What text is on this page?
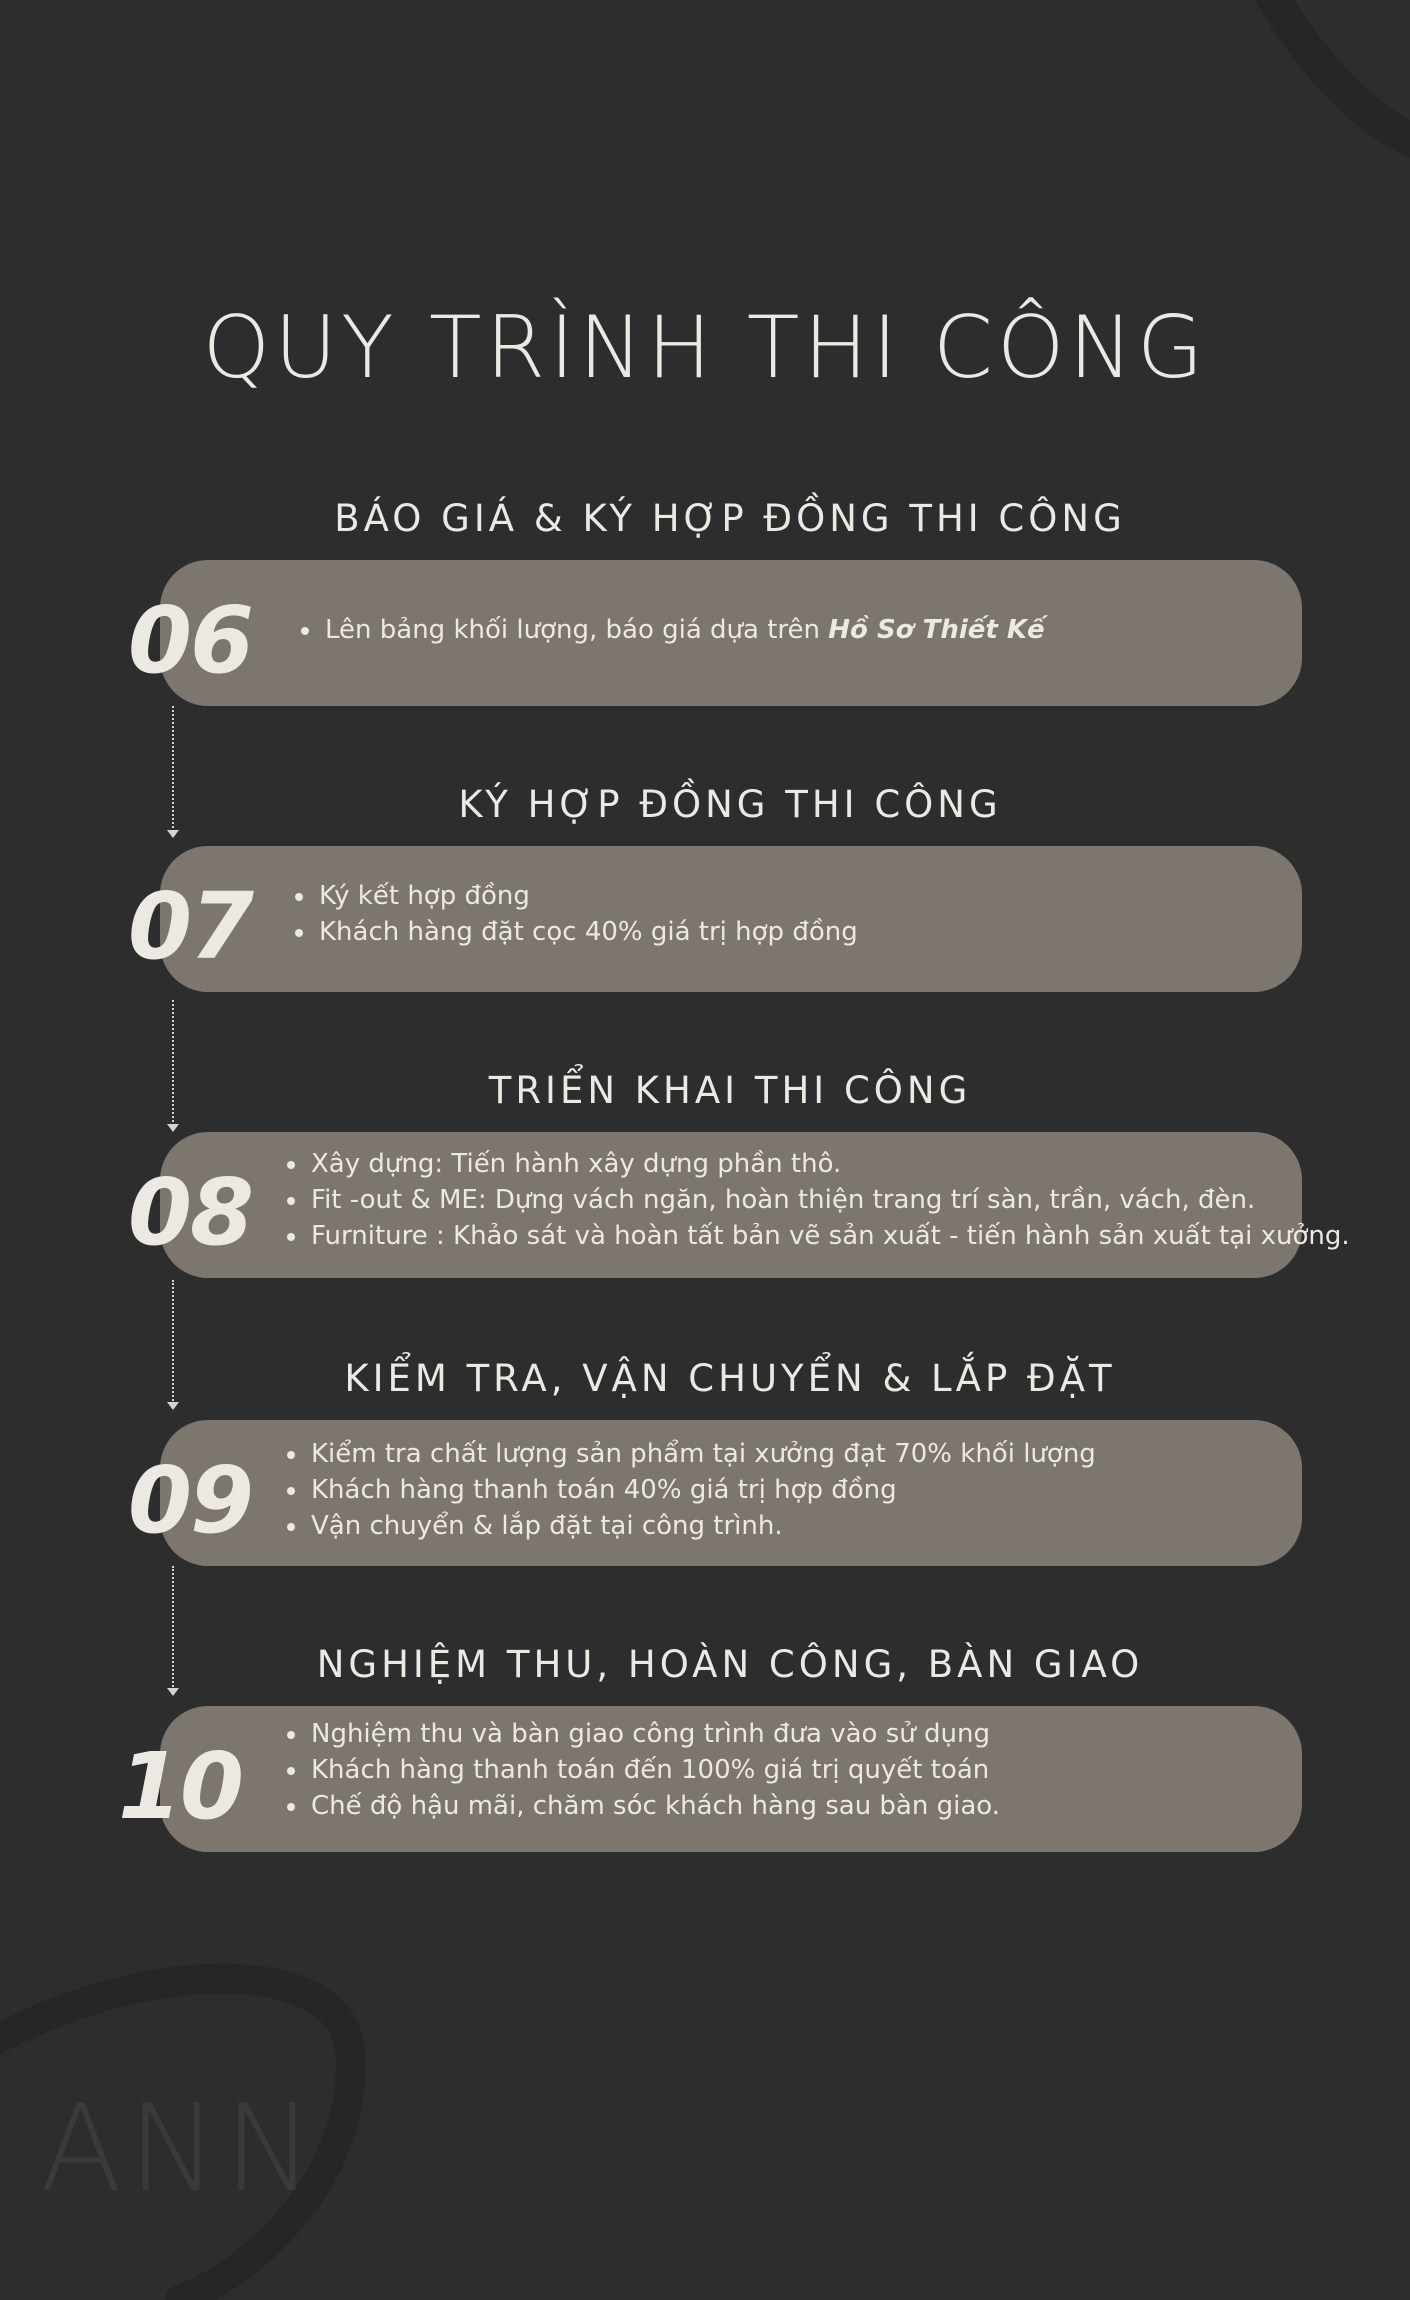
ANN
QUY TRÌNH THI CÔNG
BÁO GIÁ & KÝ HỢP ĐỒNG THI CÔNG
06	Lên bảng khối lượng, báo giá dựa trên Hồ Sơ Thiết Kế
KÝ HỢP ĐỒNG THI CÔNG
07	Ký kết hợp đồng
Khách hàng đặt cọc 40% giá trị hợp đồng
TRIỂN KHAI THI CÔNG
08	Xây dựng: Tiến hành xây dựng phần thô.
Fit -out & ME: Dựng vách ngăn, hoàn thiện trang trí sàn, trần, vách, đèn.
Furniture : Khảo sát và hoàn tất bản vẽ sản xuất - tiến hành sản xuất tại xưởng.
KIỂM TRA, VẬN CHUYỂN & LẮP ĐẶT
09	Kiểm tra chất lượng sản phẩm tại xưởng đạt 70% khối lượng
Khách hàng thanh toán 40% giá trị hợp đồng
Vận chuyển & lắp đặt tại công trình.
NGHIỆM THU, HOÀN CÔNG, BÀN GIAO
10	Nghiệm thu và bàn giao công trình đưa vào sử dụng
Khách hàng thanh toán đến 100% giá trị quyết toán
Chế độ hậu mãi, chăm sóc khách hàng sau bàn giao.
